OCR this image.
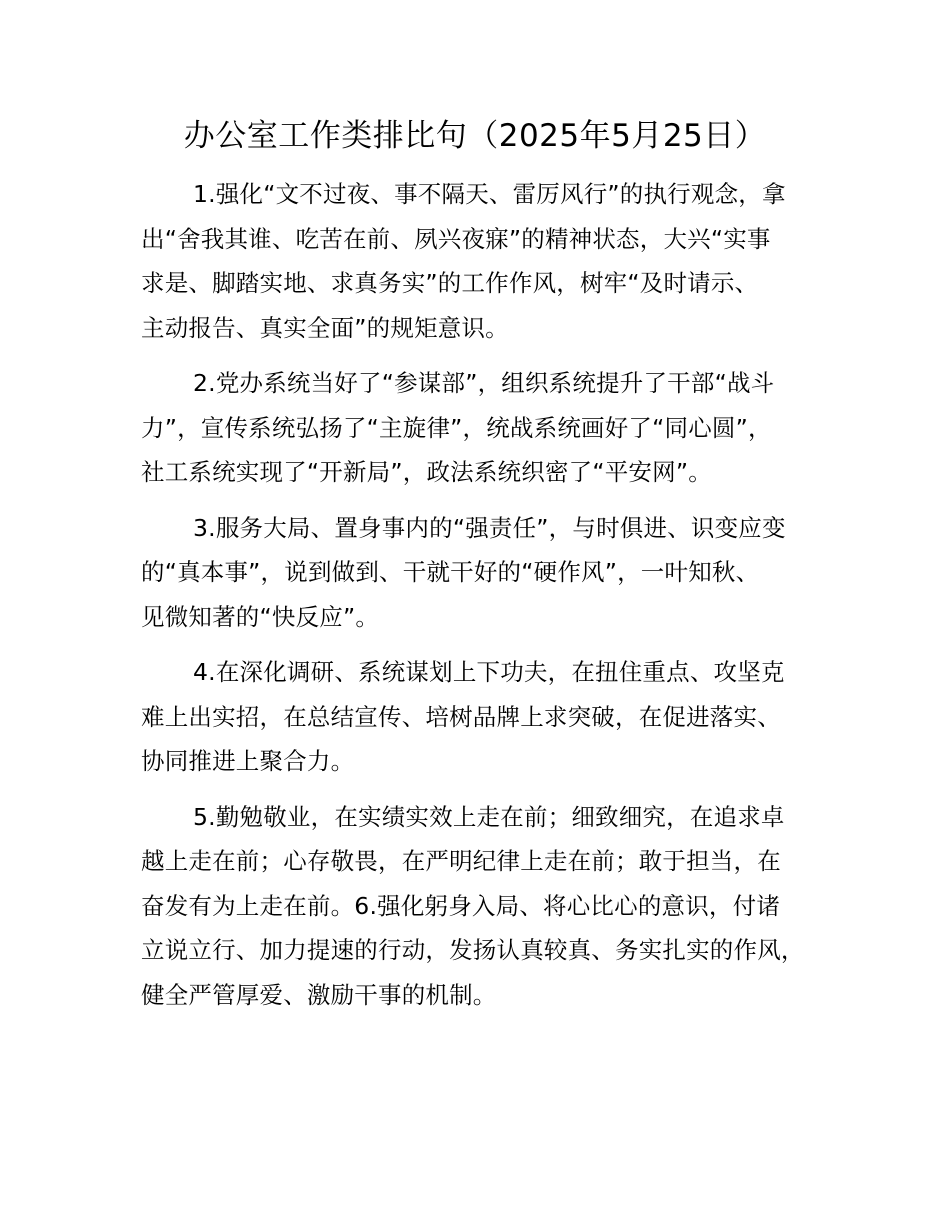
办公室工作类排比句（2025年5月25日）
1.强化“文不过夜、事不隔天、雷厉风行”的执行观念，拿
出“舍我其谁、吃苦在前、夙兴夜寐”的精神状态，大兴“实事
求是、脚踏实地、求真务实”的工作作风，树牢“及时请示、
主动报告、真实全面”的规矩意识。
2.党办系统当好了“参谋部”，组织系统提升了干部“战斗
力”，宣传系统弘扬了“主旋律”，统战系统画好了“同心圆”，
社工系统实现了“开新局”，政法系统织密了“平安网”。
3.服务大局、置身事内的“强责任”，与时俱进、识变应变
的“真本事”，说到做到、干就干好的“硬作风”，一叶知秋、
见微知著的“快反应”。
4.在深化调研、系统谋划上下功夫，在扭住重点、攻坚克
难上出实招，在总结宣传、培树品牌上求突破，在促进落实、
协同推进上聚合力。
5.勤勉敬业，在实绩实效上走在前；细致细究，在追求卓
越上走在前；心存敬畏，在严明纪律上走在前；敢于担当，在
奋发有为上走在前。6.强化躬身入局、将心比心的意识，付诸
立说立行、加力提速的行动，发扬认真较真、务实扎实的作风，
健全严管厚爱、激励干事的机制。
